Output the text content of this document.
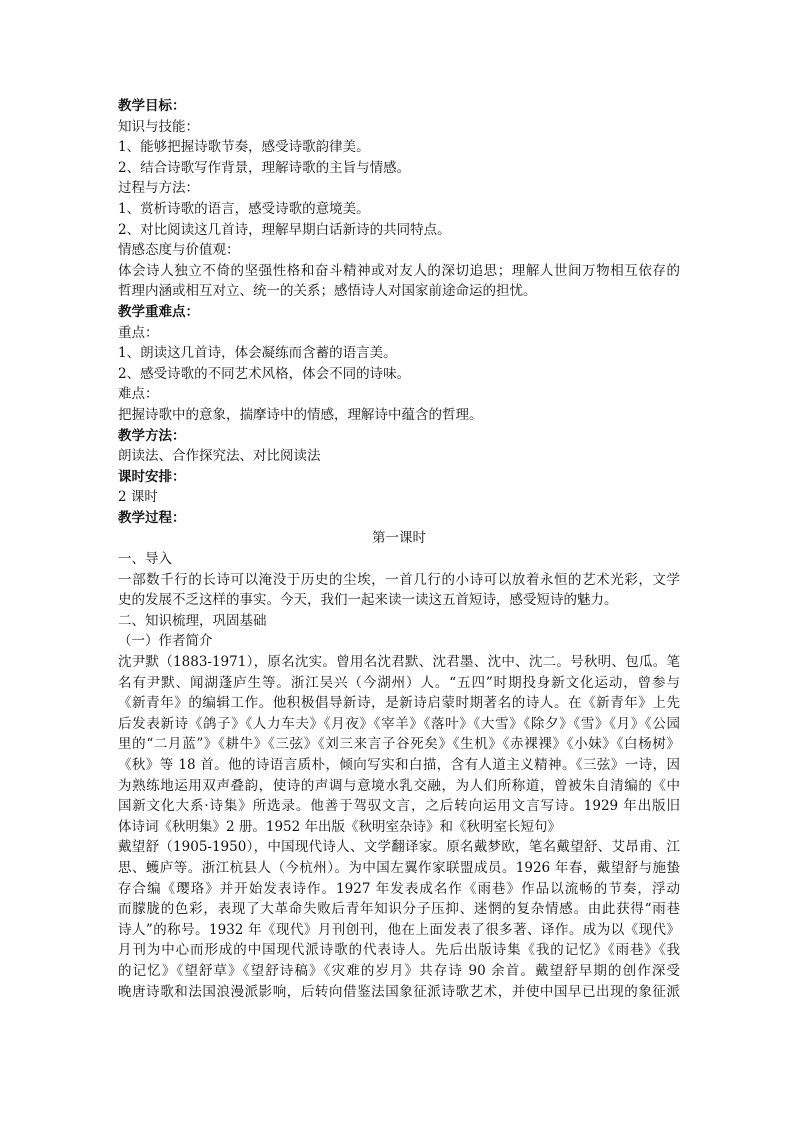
教学目标：
知识与技能：
1、能够把握诗歌节奏，感受诗歌韵律美。
2、结合诗歌写作背景，理解诗歌的主旨与情感。
过程与方法：
1、赏析诗歌的语言，感受诗歌的意境美。
2、对比阅读这几首诗，理解早期白话新诗的共同特点。
情感态度与价值观：
体会诗人独立不倚的坚强性格和奋斗精神或对友人的深切追思；理解人世间万物相互依存的
哲理内涵或相互对立、统一的关系；感悟诗人对国家前途命运的担忧。
教学重难点：
重点：
1、朗读这几首诗，体会凝练而含蓄的语言美。
2、感受诗歌的不同艺术风格，体会不同的诗味。
难点：
把握诗歌中的意象，揣摩诗中的情感，理解诗中蕴含的哲理。
教学方法：
朗读法、合作探究法、对比阅读法
课时安排：
2 课时
教学过程：
第一课时
一、导入
一部数千行的长诗可以淹没于历史的尘埃，一首几行的小诗可以放着永恒的艺术光彩，文学
史的发展不乏这样的事实。今天，我们一起来读一读这五首短诗，感受短诗的魅力。
二、知识梳理，巩固基础
（一）作者简介
沈尹默（1883-1971），原名沈实。曾用名沈君默、沈君墨、沈中、沈二。号秋明、包瓜。笔
名有尹默、闻湖蓬庐生等。浙江吴兴（今湖州）人。“五四”时期投身新文化运动，曾参与
《新青年》的编辑工作。他积极倡导新诗，是新诗启蒙时期著名的诗人。在《新青年》上先
后发表新诗《鸽子》《人力车夫》《月夜》《宰羊》《落叶》《大雪》《除夕》《雪》《月》《公园
里的“二月蓝”》《耕牛》《三弦》《刘三来言子谷死矣》《生机》《赤裸裸》《小妹》《白杨树》
《秋》等 18 首。他的诗语言质朴，倾向写实和白描，含有人道主义精神。《三弦》一诗，因
为熟练地运用双声叠韵，使诗的声调与意境水乳交融，为人们所称道，曾被朱自清编的《中
国新文化大系·诗集》所选录。他善于驾驭文言，之后转向运用文言写诗。1929 年出版旧
体诗词《秋明集》2 册。1952 年出版《秋明室杂诗》和《秋明室长短句》
戴望舒（1905-1950），中国现代诗人、文学翻译家。原名戴梦欧，笔名戴望舒、艾昂甫、江
思、蠖庐等。浙江杭县人（今杭州）。为中国左翼作家联盟成员。1926 年春，戴望舒与施蛰
存合编《璎珞》并开始发表诗作。1927 年发表成名作《雨巷》作品以流畅的节奏，浮动
而朦胧的色彩，表现了大革命失败后青年知识分子压抑、迷惘的复杂情感。由此获得“雨巷
诗人”的称号。1932 年《现代》月刊创刊，他在上面发表了很多著、译作。成为以《现代》
月刊为中心而形成的中国现代派诗歌的代表诗人。先后出版诗集《我的记忆》《雨巷》《我
的记忆》《望舒草》《望舒诗稿》《灾难的岁月》共存诗 90 余首。戴望舒早期的创作深受
晚唐诗歌和法国浪漫派影响，后转向借鉴法国象征派诗歌艺术，并使中国早已出现的象征派
